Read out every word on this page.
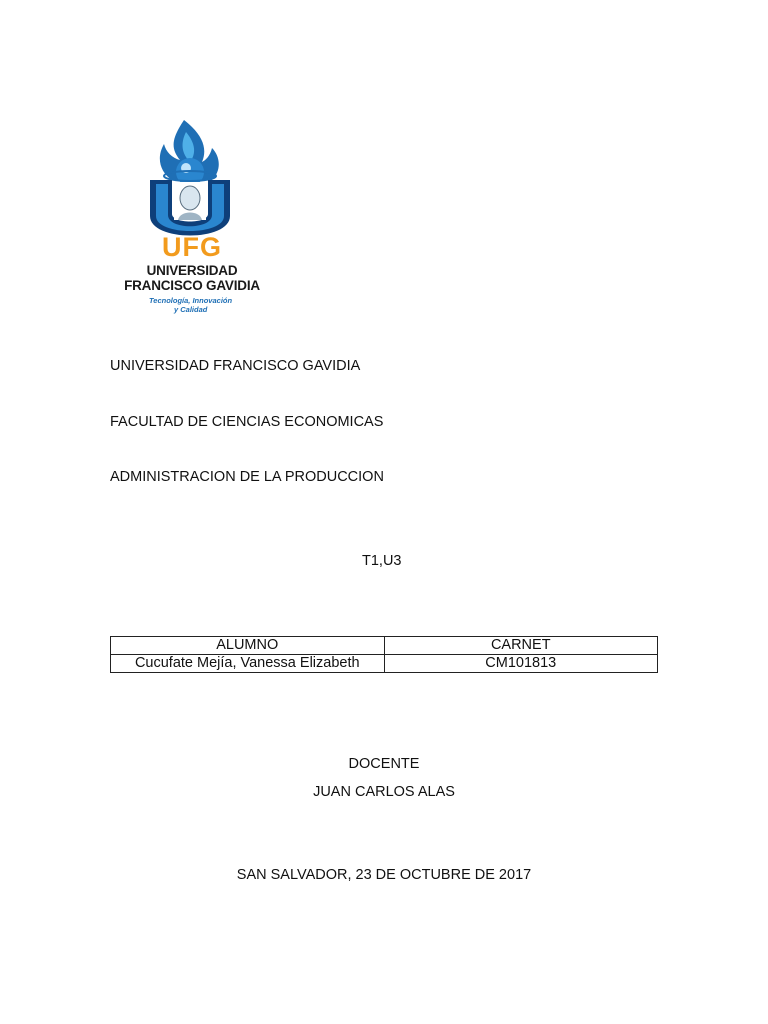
UFG
UNIVERSIDAD
FRANCISCO GAVIDIA
Tecnología, Innovación
y Calidad

UNIVERSIDAD FRANCISCO GAVIDIA

FACULTAD DE CIENCIAS ECONOMICAS

ADMINISTRACION DE LA PRODUCCION

T1,U3

ALUMNO	CARNET
Cucufate Mejía, Vanessa Elizabeth	CM101813

DOCENTE

JUAN CARLOS ALAS

SAN SALVADOR, 23 DE OCTUBRE DE 2017
